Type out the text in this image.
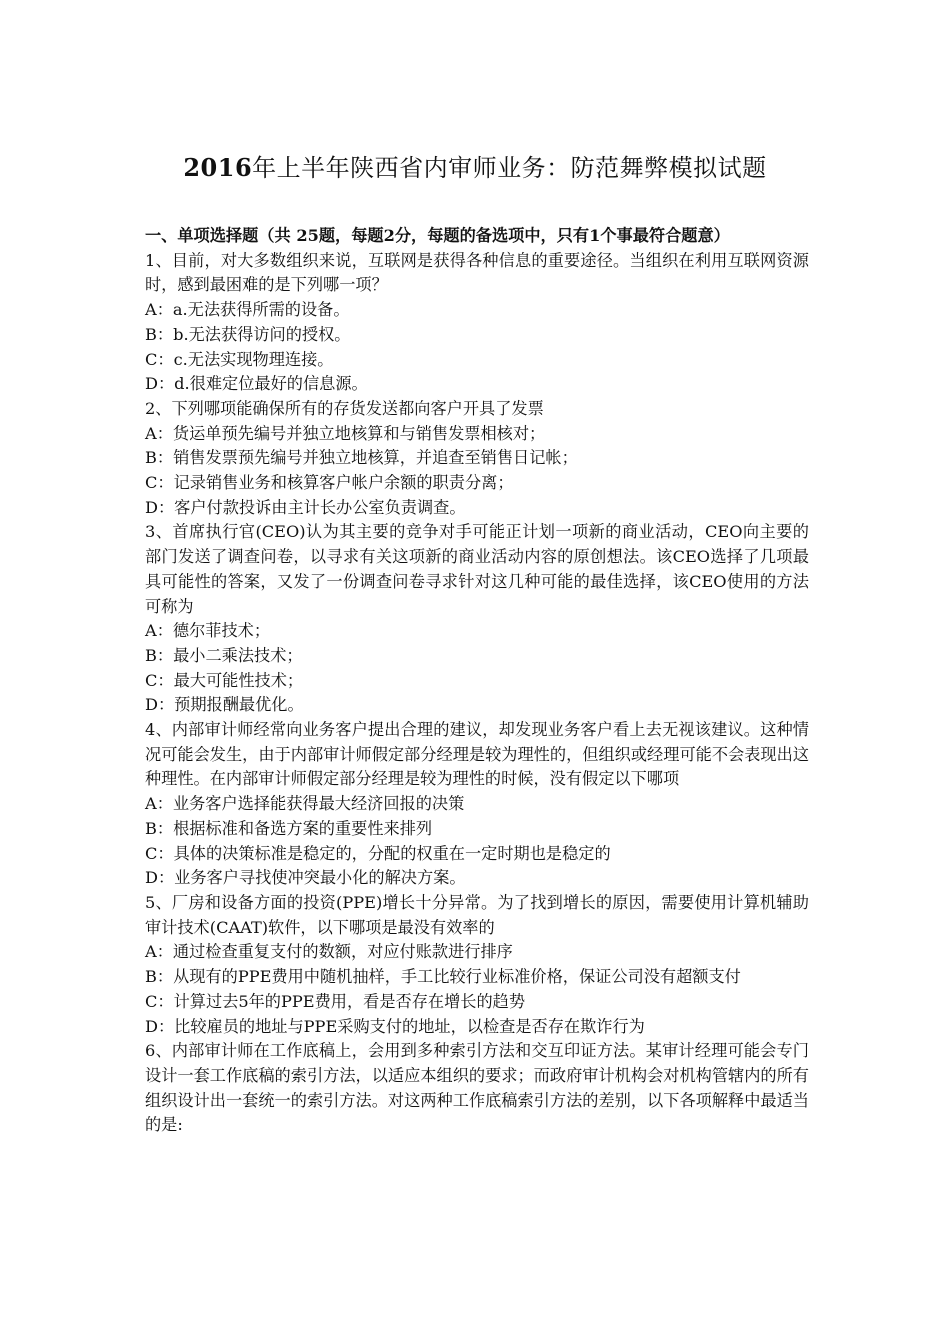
2016年上半年陕西省内审师业务：防范舞弊模拟试题

一、单项选择题（共 25题，每题2分，每题的备选项中，只有1个事最符合题意）

1、目前，对大多数组织来说，互联网是获得各种信息的重要途径。当组织在利用互联网资源时，感到最困难的是下列哪一项？

A：a.无法获得所需的设备。

B：b.无法获得访问的授权。

C：c.无法实现物理连接。

D：d.很难定位最好的信息源。

2、下列哪项能确保所有的存货发送都向客户开具了发票

A：货运单预先编号并独立地核算和与销售发票相核对；

B：销售发票预先编号并独立地核算，并追查至销售日记帐；

C：记录销售业务和核算客户帐户余额的职责分离；

D：客户付款投诉由主计长办公室负责调查。

3、首席执行官(CEO)认为其主要的竞争对手可能正计划一项新的商业活动，CEO向主要的部门发送了调查问卷，以寻求有关这项新的商业活动内容的原创想法。该CEO选择了几项最具可能性的答案，又发了一份调查问卷寻求针对这几种可能的最佳选择，该CEO使用的方法可称为

A：德尔菲技术；

B：最小二乘法技术；

C：最大可能性技术；

D：预期报酬最优化。

4、内部审计师经常向业务客户提出合理的建议，却发现业务客户看上去无视该建议。这种情况可能会发生，由于内部审计师假定部分经理是较为理性的，但组织或经理可能不会表现出这种理性。在内部审计师假定部分经理是较为理性的时候，没有假定以下哪项

A：业务客户选择能获得最大经济回报的决策

B：根据标准和备选方案的重要性来排列

C：具体的决策标准是稳定的，分配的权重在一定时期也是稳定的

D：业务客户寻找使冲突最小化的解决方案。

5、厂房和设备方面的投资(PPE)增长十分异常。为了找到增长的原因，需要使用计算机辅助审计技术(CAAT)软件，以下哪项是最没有效率的

A：通过检查重复支付的数额，对应付账款进行排序

B：从现有的PPE费用中随机抽样，手工比较行业标准价格，保证公司没有超额支付

C：计算过去5年的PPE费用，看是否存在增长的趋势

D：比较雇员的地址与PPE采购支付的地址，以检查是否存在欺诈行为

6、内部审计师在工作底稿上，会用到多种索引方法和交互印证方法。某审计经理可能会专门设计一套工作底稿的索引方法，以适应本组织的要求；而政府审计机构会对机构管辖内的所有组织设计出一套统一的索引方法。对这两种工作底稿索引方法的差别，以下各项解释中最适当的是:
